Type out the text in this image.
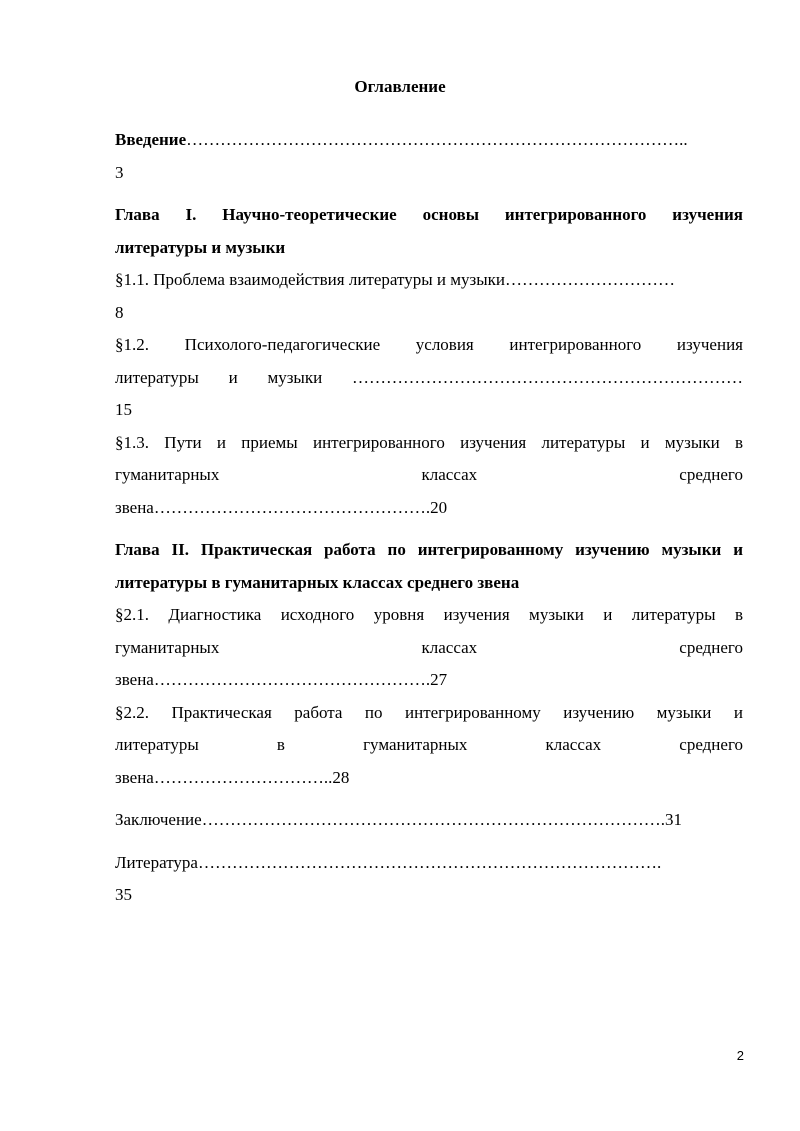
Оглавление
Введение……………………………………………………………………………..
3
Глава I. Научно-теоретические основы интегрированного изучения
литературы и музыки
§1.1. Проблема взаимодействия литературы и музыки…………………………
8
§1.2. Психолого-педагогические условия интегрированного изучения
литературы и музыки ……………………………………………………………
15
§1.3. Пути и приемы интегрированного изучения литературы и музыки в
гуманитарных классах среднего
звена………………………………………….20
Глава II. Практическая работа по интегрированному изучению музыки и
литературы в гуманитарных классах среднего звена
§2.1. Диагностика исходного уровня изучения музыки и литературы в
гуманитарных классах среднего
звена………………………………………….27
§2.2. Практическая работа по интегрированному изучению музыки и
литературы в гуманитарных классах среднего
звена…………………………..28
Заключение……………………………………………………………………….31
Литература……………………………………………………………………….
35
2
